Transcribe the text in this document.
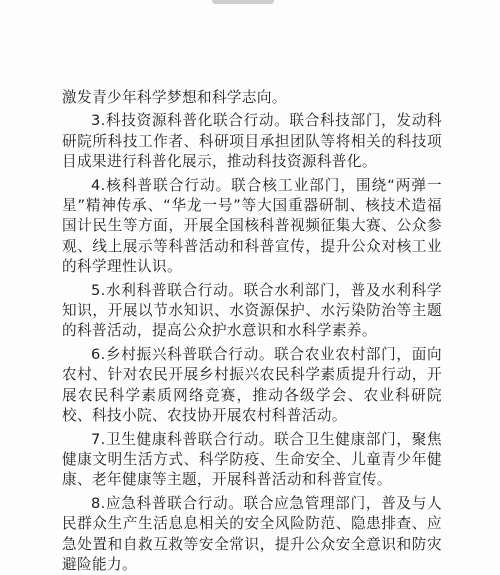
激发青少年科学梦想和科学志向。

3.科技资源科普化联合行动。联合科技部门，发动科研院所科技工作者、科研项目承担团队等将相关的科技项目成果进行科普化展示，推动科技资源科普化。

4.核科普联合行动。联合核工业部门，围绕“两弹一星”精神传承、“华龙一号”等大国重器研制、核技术造福国计民生等方面，开展全国核科普视频征集大赛、公众参观、线上展示等科普活动和科普宣传，提升公众对核工业的科学理性认识。

5.水利科普联合行动。联合水利部门，普及水利科学知识，开展以节水知识、水资源保护、水污染防治等主题的科普活动，提高公众护水意识和水科学素养。

6.乡村振兴科普联合行动。联合农业农村部门，面向农村、针对农民开展乡村振兴农民科学素质提升行动，开展农民科学素质网络竞赛，推动各级学会、农业科研院校、科技小院、农技协开展农村科普活动。

7.卫生健康科普联合行动。联合卫生健康部门，聚焦健康文明生活方式、科学防疫、生命安全、儿童青少年健康、老年健康等主题，开展科普活动和科普宣传。

8.应急科普联合行动。联合应急管理部门，普及与人民群众生产生活息息相关的安全风险防范、隐患排查、应急处置和自救互救等安全常识，提升公众安全意识和防灾避险能力。
